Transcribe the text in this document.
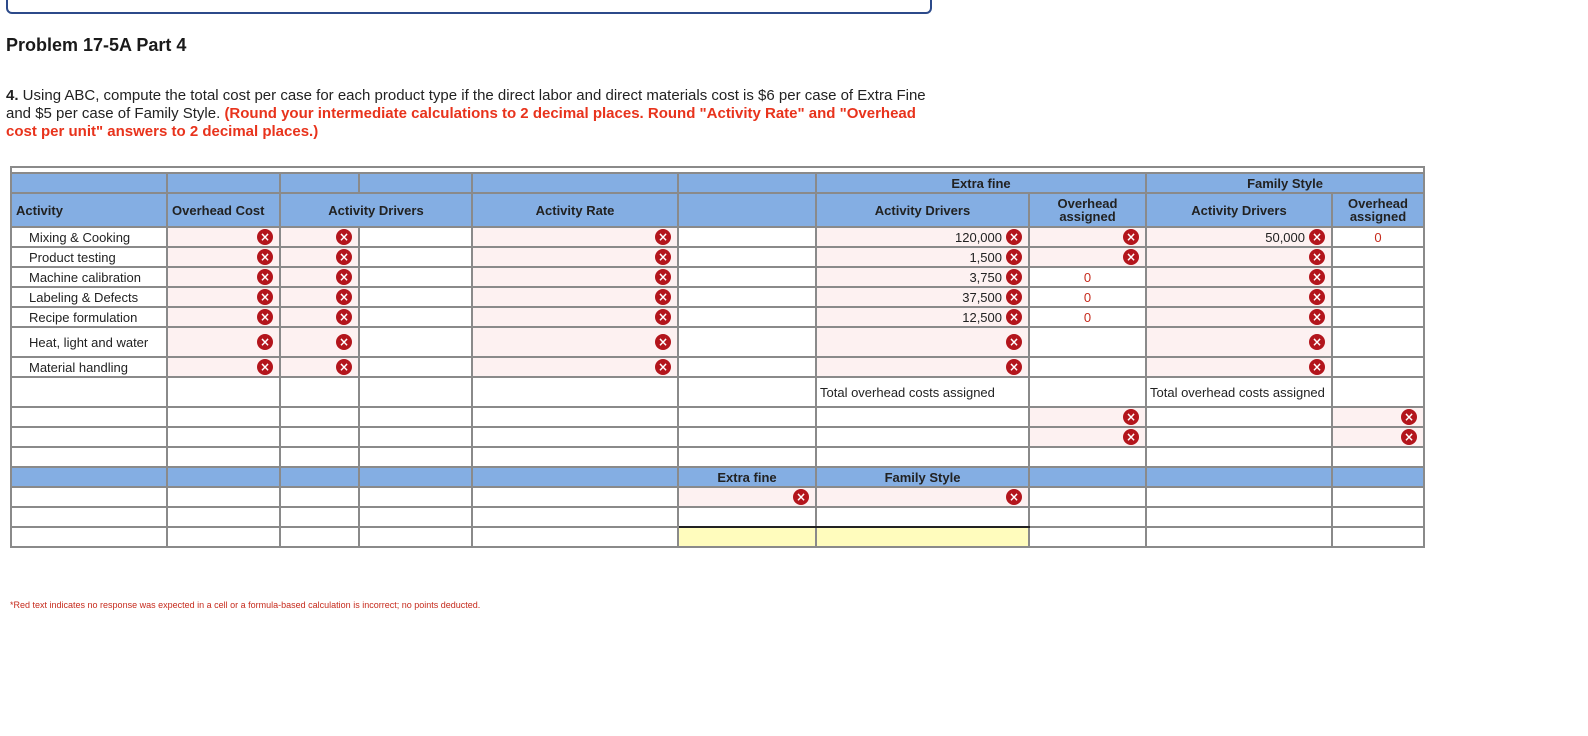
Problem 17-5A Part 4
4. Using ABC, compute the total cost per case for each product type if the direct labor and direct materials cost is $6 per case of Extra Fine and $5 per case of Family Style. (Round your intermediate calculations to 2 decimal places. Round "Activity Rate" and "Overhead cost per unit" answers to 2 decimal places.)

						Extra fine		Family Style	
Activity	Overhead Cost	Activity Drivers		Activity Rate		Activity Drivers	Overhead assigned	Activity Drivers	Overhead assigned
Mixing & Cooking	×	×		×		120,000 ×	×	50,000 ×	0
Product testing	×	×		×		1,500 ×	×	×	

Machine calibration	×	×		×		3,750 ×	0	×	

Labeling & Defects	×	×		×		37,500 ×	0	×	

Recipe formulation	×	×		×		12,500 ×	0	×	

Heat, light and water	×	×		×		×		×	

Material handling	×	×		×		×		×	

						Total overhead costs assigned		Total overhead costs assigned	

							×		×

							×		×

					Extra fine	Family Style			

					×	×			

*Red text indicates no response was expected in a cell or a formula-based calculation is incorrect; no points deducted.
